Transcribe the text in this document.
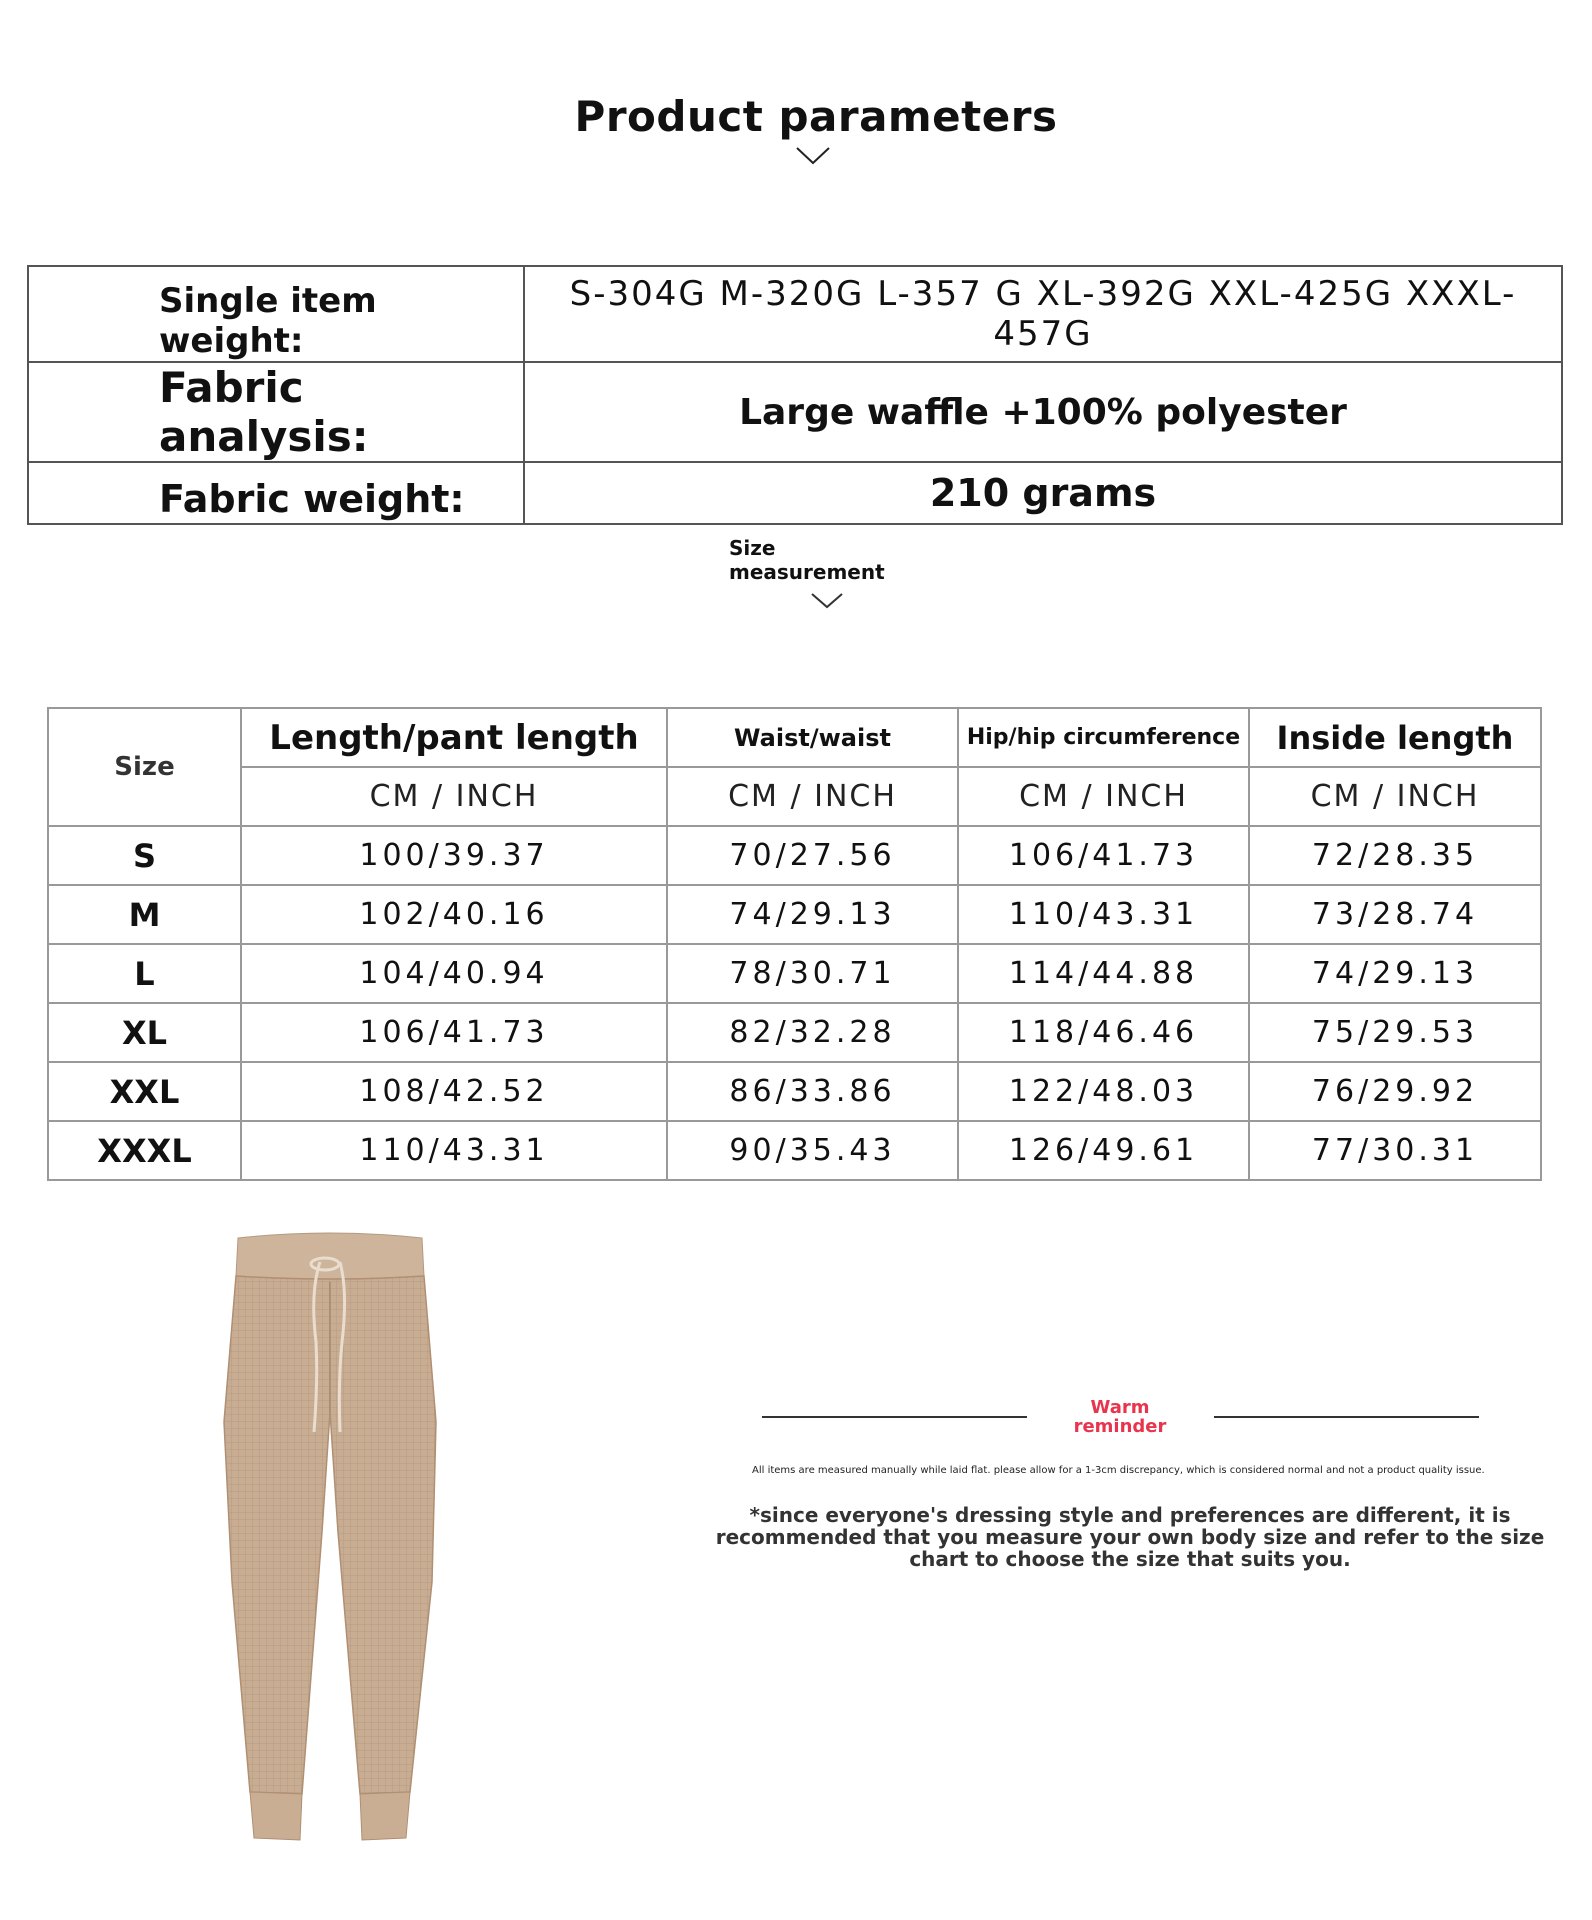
Product parameters
Single item weight:	S-304G M-320G L-357 G XL-392G XXL-425G XXXL-457G
Fabric analysis:	Large waffle +100% polyester
Fabric weight:	210 grams
Size measurement
Size	Length/pant length	Waist/waist	Hip/hip circumference	Inside length
	CM / INCH	CM / INCH	CM / INCH	CM / INCH
S	100/39.37	70/27.56	106/41.73	72/28.35
M	102/40.16	74/29.13	110/43.31	73/28.74
L	104/40.94	78/30.71	114/44.88	74/29.13
XL	106/41.73	82/32.28	118/46.46	75/29.53
XXL	108/42.52	86/33.86	122/48.03	76/29.92
XXXL	110/43.31	90/35.43	126/49.61	77/30.31
Warm reminder
All items are measured manually while laid flat. please allow for a 1-3cm discrepancy, which is considered normal and not a product quality issue.
*since everyone's dressing style and preferences are different, it is recommended that you measure your own body size and refer to the size chart to choose the size that suits you.
